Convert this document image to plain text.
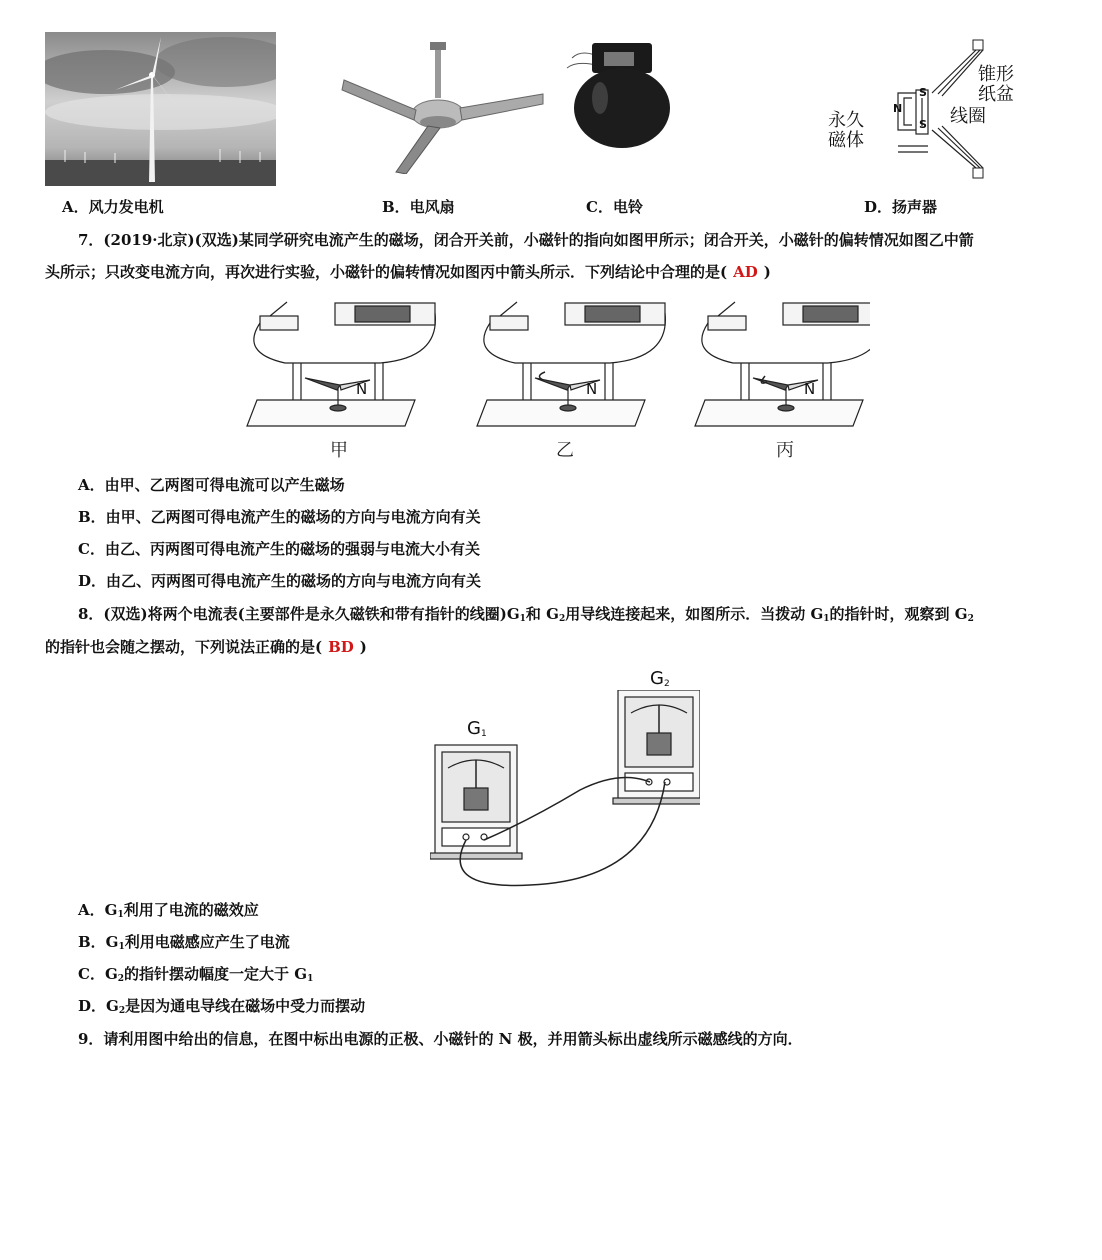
锥形
纸盆
线圈
永久
磁体
N
S
S
A．风力发电机	B．电风扇	C．电铃	D．扬声器
7．(2019·北京)(双选)某同学研究电流产生的磁场，闭合开关前，小磁针的指向如图甲所示；闭合开关，小磁针的偏转情况如图乙中箭
头所示；只改变电流方向，再次进行实验，小磁针的偏转情况如图丙中箭头所示．下列结论中合理的是( AD )
N	N	N
甲	乙	丙
A．由甲、乙两图可得电流可以产生磁场
B．由甲、乙两图可得电流产生的磁场的方向与电流方向有关
C．由乙、丙两图可得电流产生的磁场的强弱与电流大小有关
D．由乙、丙两图可得电流产生的磁场的方向与电流方向有关
8．(双选)将两个电流表(主要部件是永久磁铁和带有指针的线圈)$G_1$和 $G_2$用导线连接起来，如图所示．当拨动 $G_1$的指针时，观察到 $G_2$
的指针也会随之摆动，下列说法正确的是( BD )
$G_1$
$G_2$
A．$G_1$利用了电流的磁效应
B．$G_1$利用电磁感应产生了电流
C．$G_2$的指针摆动幅度一定大于 $G_1$
D．$G_2$是因为通电导线在磁场中受力而摆动
9．请利用图中给出的信息，在图中标出电源的正极、小磁针的 N 极，并用箭头标出虚线所示磁感线的方向．
